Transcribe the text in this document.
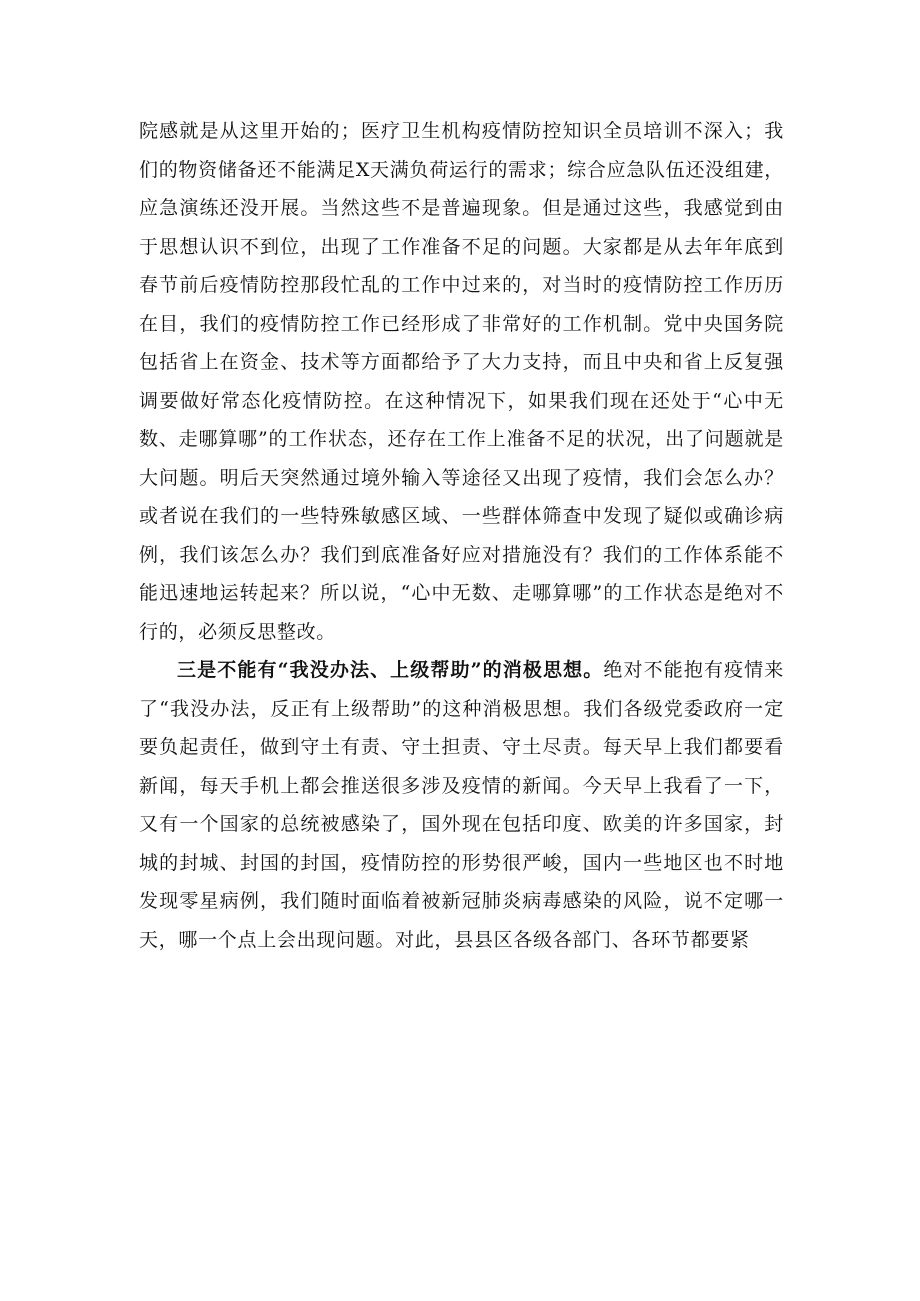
院感就是从这里开始的；医疗卫生机构疫情防控知识全员培训不深入；我们的物资储备还不能满足X天满负荷运行的需求；综合应急队伍还没组建，应急演练还没开展。当然这些不是普遍现象。但是通过这些，我感觉到由于思想认识不到位，出现了工作准备不足的问题。大家都是从去年年底到春节前后疫情防控那段忙乱的工作中过来的，对当时的疫情防控工作历历在目，我们的疫情防控工作已经形成了非常好的工作机制。党中央国务院包括省上在资金、技术等方面都给予了大力支持，而且中央和省上反复强调要做好常态化疫情防控。在这种情况下，如果我们现在还处于“心中无数、走哪算哪”的工作状态，还存在工作上准备不足的状况，出了问题就是大问题。明后天突然通过境外输入等途径又出现了疫情，我们会怎么办？或者说在我们的一些特殊敏感区域、一些群体筛查中发现了疑似或确诊病例，我们该怎么办？我们到底准备好应对措施没有？我们的工作体系能不能迅速地运转起来？所以说，“心中无数、走哪算哪”的工作状态是绝对不行的，必须反思整改。

三是不能有“我没办法、上级帮助”的消极思想。绝对不能抱有疫情来了“我没办法，反正有上级帮助”的这种消极思想。我们各级党委政府一定要负起责任，做到守土有责、守土担责、守土尽责。每天早上我们都要看新闻，每天手机上都会推送很多涉及疫情的新闻。今天早上我看了一下，又有一个国家的总统被感染了，国外现在包括印度、欧美的许多国家，封城的封城、封国的封国，疫情防控的形势很严峻，国内一些地区也不时地发现零星病例，我们随时面临着被新冠肺炎病毒感染的风险，说不定哪一天，哪一个点上会出现问题。对此，县县区各级各部门、各环节都要紧
